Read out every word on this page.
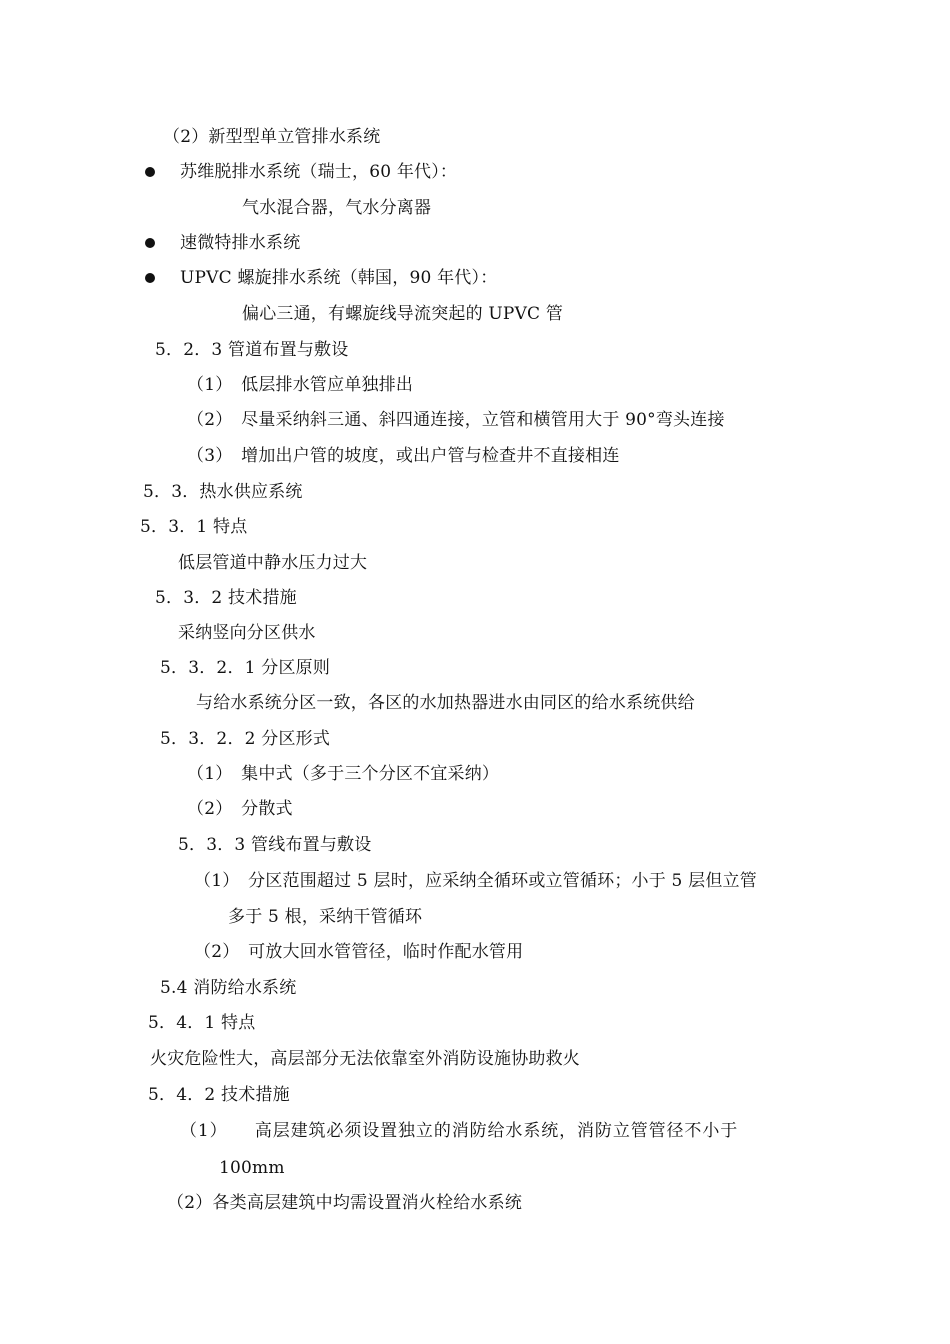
（2）新型型单立管排水系统
苏维脱排水系统（瑞士，60 年代）：
气水混合器，气水分离器
速微特排水系统
UPVC 螺旋排水系统（韩国，90 年代）：
偏心三通，有螺旋线导流突起的 UPVC 管
5．2．3 管道布置与敷设
（1）　低层排水管应单独排出
（2）　尽量采纳斜三通、斜四通连接，立管和横管用大于 90°弯头连接
（3）　增加出户管的坡度，或出户管与检查井不直接相连
5．3．热水供应系统
5．3．1 特点
低层管道中静水压力过大
5．3．2 技术措施
采纳竖向分区供水
5．3．2．1 分区原则
与给水系统分区一致，各区的水加热器进水由同区的给水系统供给
5．3．2．2 分区形式
（1）　集中式（多于三个分区不宜采纳）
（2）　分散式
5．3．3 管线布置与敷设
（1）　分区范围超过 5 层时，应采纳全循环或立管循环；小于 5 层但立管
多于 5 根，采纳干管循环
（2）　可放大回水管管径，临时作配水管用
5.4 消防给水系统
5．4．1 特点
火灾危险性大，高层部分无法依靠室外消防设施协助救火
5．4．2 技术措施
（1）　　高层建筑必须设置独立的消防给水系统，消防立管管径不小于
100mm
（2）各类高层建筑中均需设置消火栓给水系统
